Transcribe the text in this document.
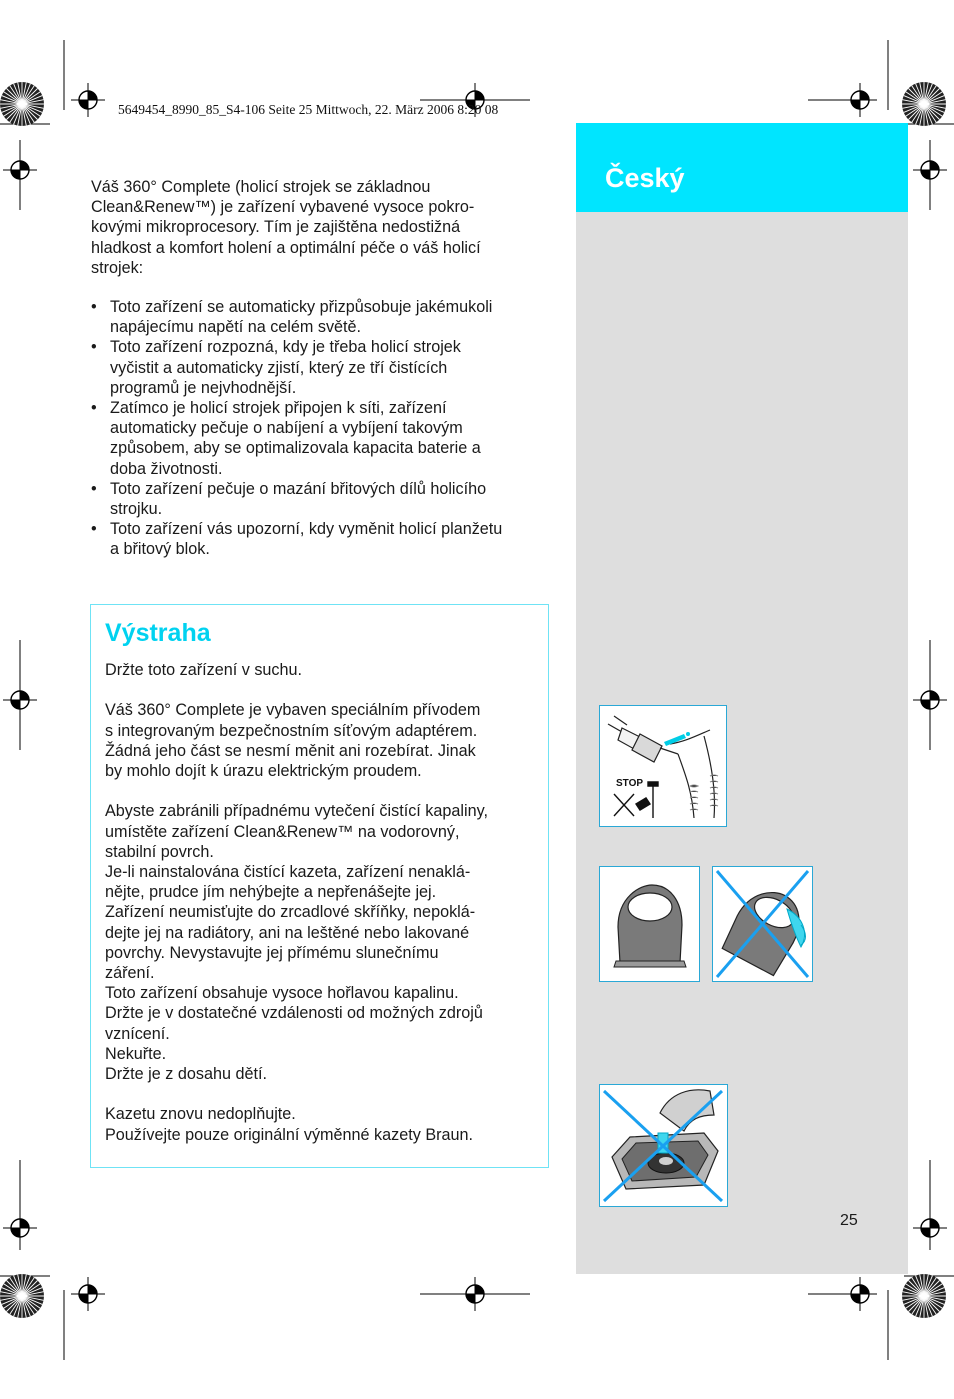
5649454_8990_85_S4-106 Seite 25 Mittwoch, 22. März 2006 8:20 08
Český

Váš 360° Complete (holicí strojek se základnou

Clean&Renew™) je zařízení vybavené vysoce pokro-

kovými mikroprocesory. Tím je zajištěna nedostižná

hladkost a komfort holení a optimální péče o váš holicí

strojek:

• Toto zařízení se automaticky přizpůsobuje jakémukoli
napájecímu napětí na celém světě.
• Toto zařízení rozpozná, kdy je třeba holicí strojek
vyčistit a automaticky zjistí, který ze tří čistících
programů je nejvhodnější.
• Zatímco je holicí strojek připojen k síti, zařízení
automaticky pečuje o nabíjení a vybíjení takovým
způsobem, aby se optimalizovala kapacita baterie a
doba životnosti.
• Toto zařízení pečuje o mazání břitových dílů holicího
strojku.
• Toto zařízení vás upozorní, kdy vyměnit holicí planžetu
a břitový blok.
Výstraha

Držte toto zařízení v suchu.

Váš 360° Complete je vybaven speciálním přívodem

s integrovaným bezpečnostním síťovým adaptérem.

Žádná jeho část se nesmí měnit ani rozebírat. Jinak

by mohlo dojít k úrazu elektrickým proudem.

Abyste zabránili případnému vytečení čistící kapaliny,

umístěte zařízení Clean&Renew™ na vodorovný,

stabilní povrch.

Je-li nainstalována čistící kazeta, zařízení nenaklá-

nějte, prudce jím nehýbejte a nepřenášejte jej.

Zařízení neumisťujte do zrcadlové skříňky, nepoklá-

dejte jej na radiátory, ani na leštěné nebo lakované

povrchy. Nevystavujte jej přímému slunečnímu

záření.

Toto zařízení obsahuje vysoce hořlavou kapalinu.

Držte je v dostatečné vzdálenosti od možných zdrojů

vznícení.

Nekuřte.

Držte je z dosahu dětí.

Kazetu znovu nedoplňujte.

Používejte pouze originální výměnné kazety Braun.

STOP
25
